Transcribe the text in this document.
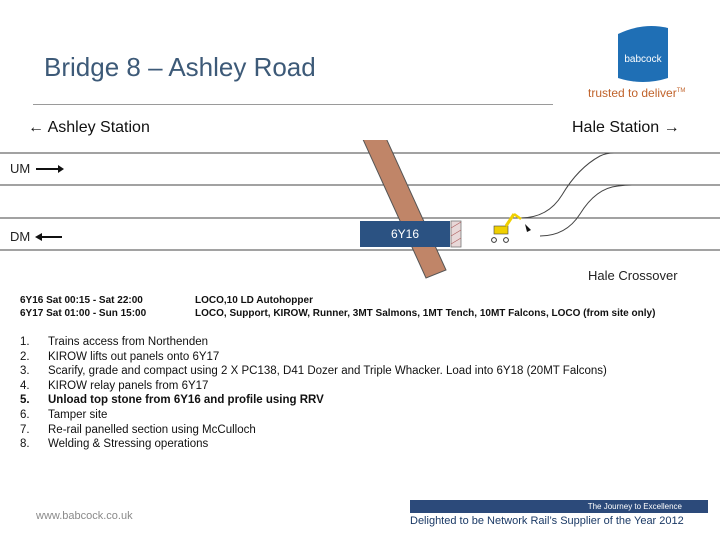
Bridge 8 – Ashley Road	babcock
trusted to deliver™
← Ashley Station	Hale Station →
6Y16
UM
DM
Hale Crossover
6Y16 Sat 00:15 - Sat 22:00	LOCO,10 LD Autohopper
6Y17 Sat 01:00 - Sun 15:00	LOCO, Support, KIROW, Runner, 3MT Salmons, 1MT Tench, 10MT Falcons, LOCO (from site only)
1.	Trains access from Northenden
2.	KIROW lifts out panels onto 6Y17
3.	Scarify, grade and compact using 2 X PC138, D41 Dozer and Triple Whacker. Load into 6Y18 (20MT Falcons)
4.	KIROW relay panels from 6Y17
5.	Unload top stone from 6Y16 and profile using RRV
6.	Tamper site
7.	Re-rail panelled section using McCulloch
8.	Welding & Stressing operations
www.babcock.co.uk
The Journey to Excellence
Delighted to be Network Rail’s Supplier of the Year 2012
